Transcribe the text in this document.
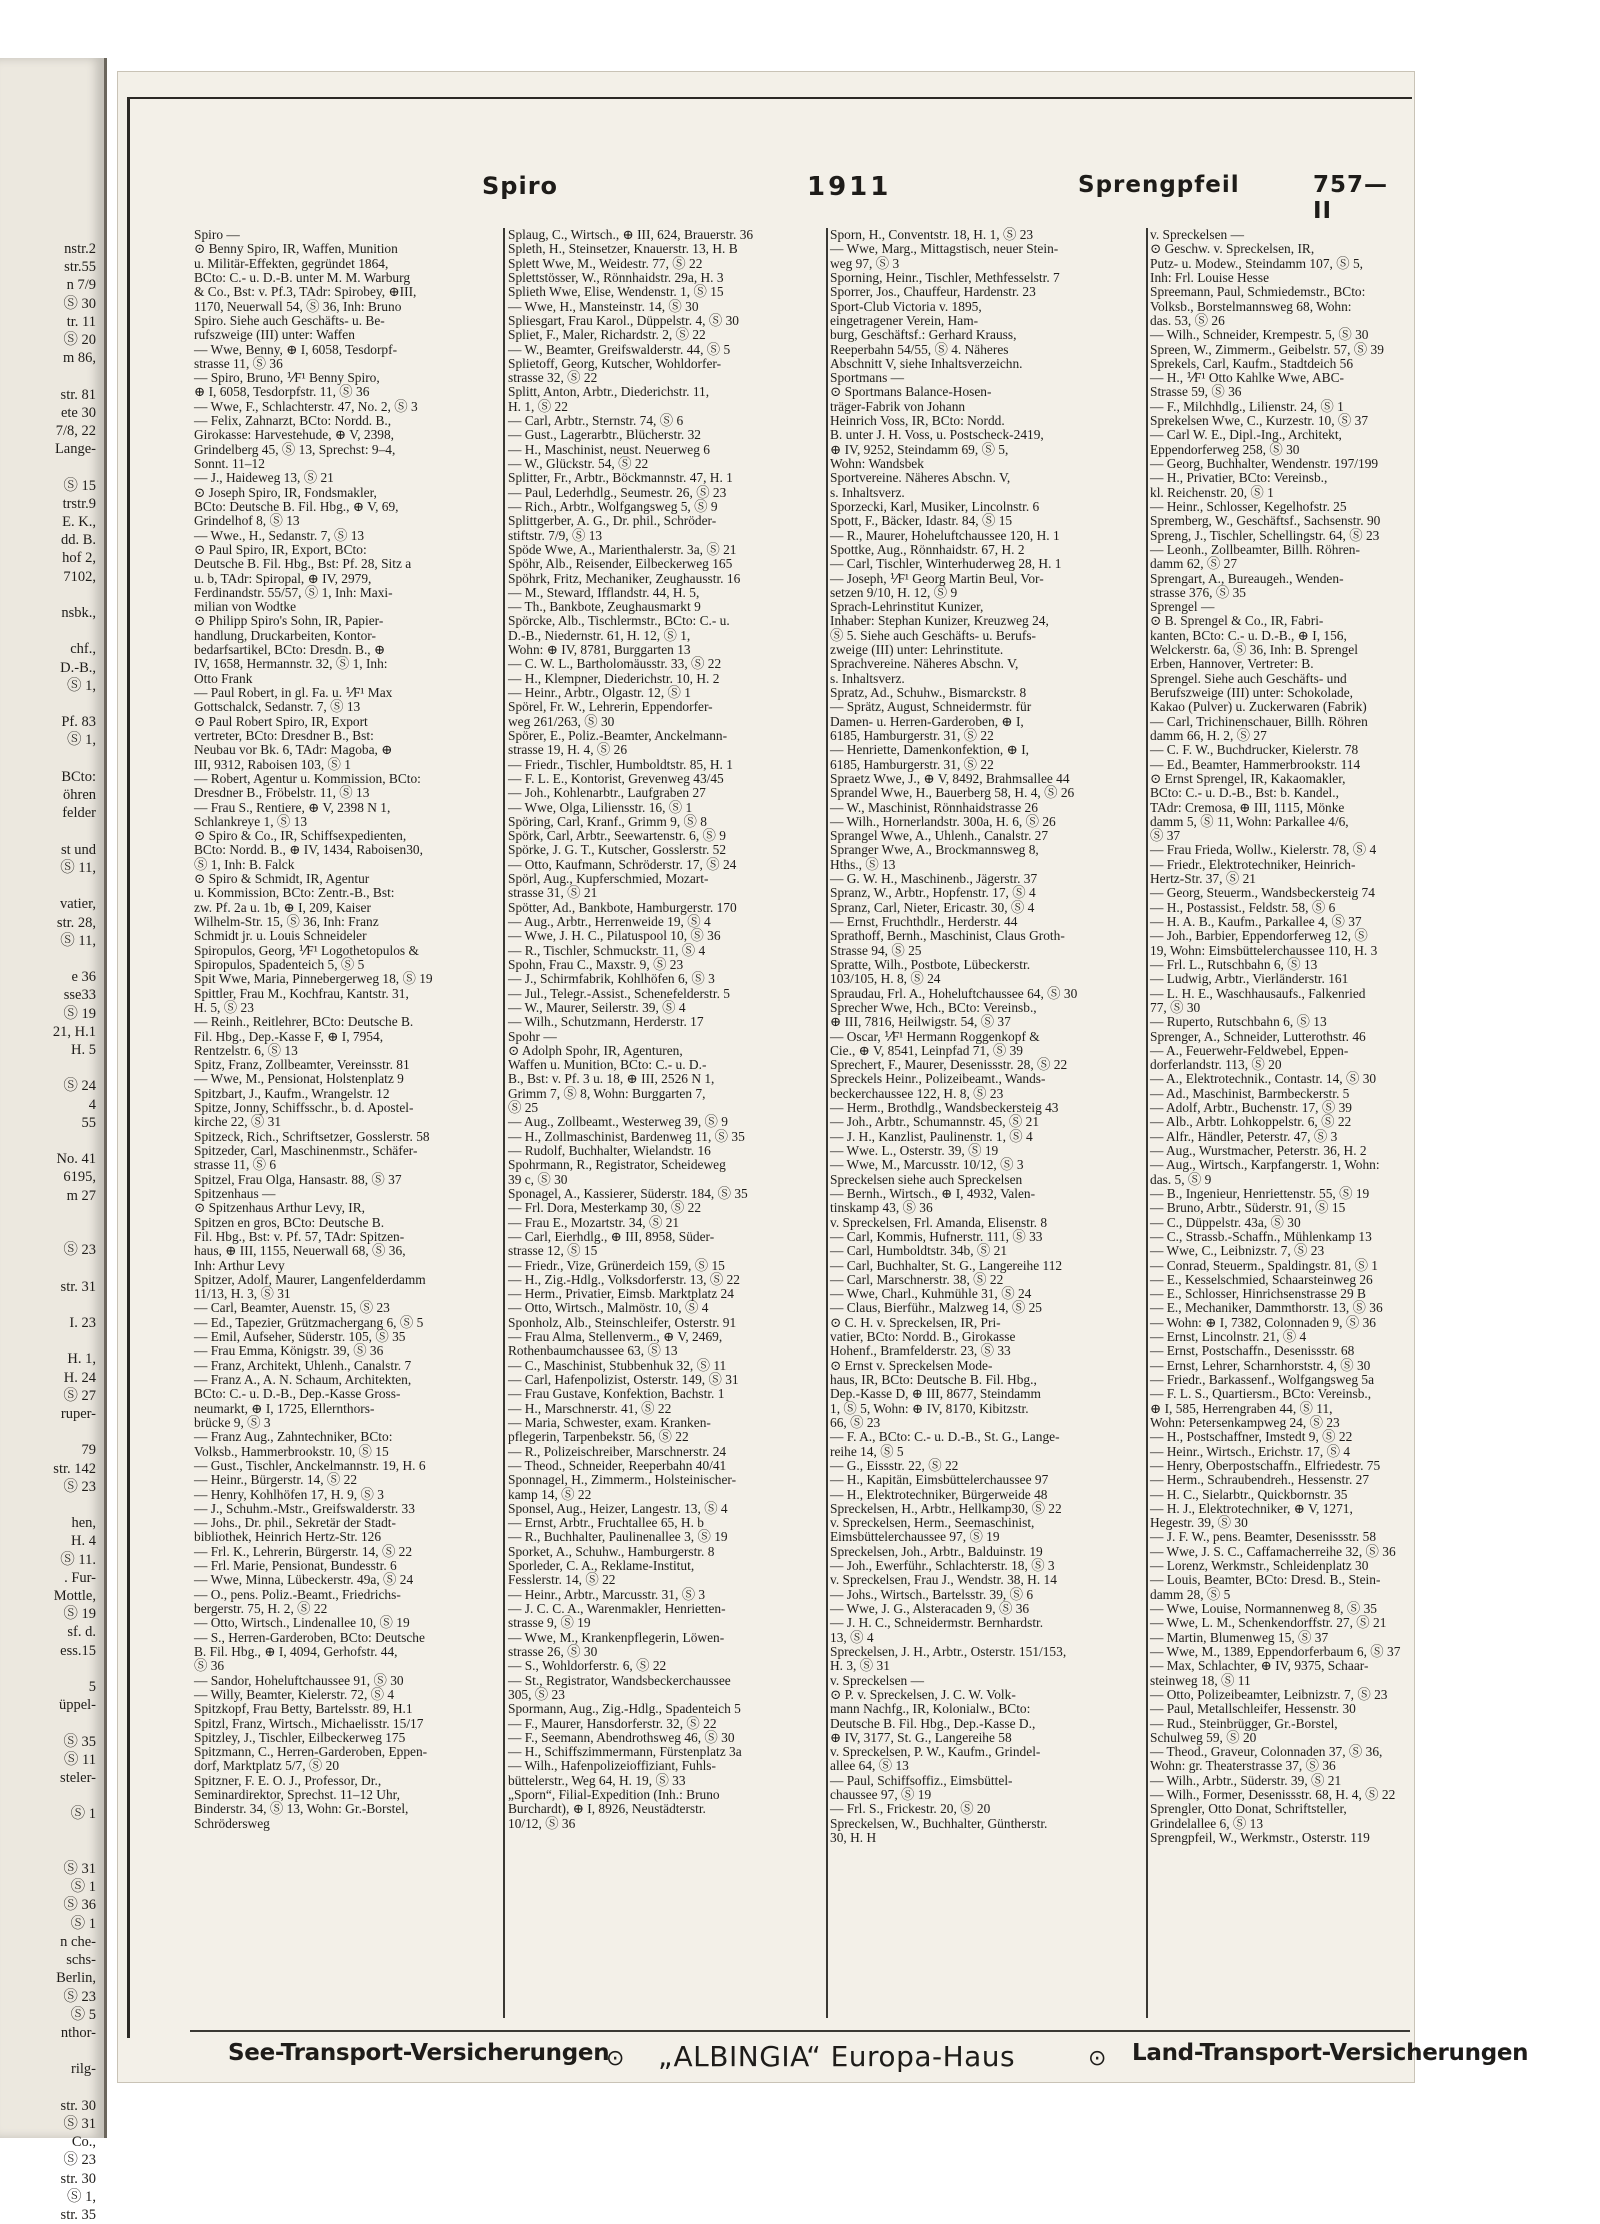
nstr.2
str.55
n 7/9
Ⓢ 30
tr. 11
Ⓢ 20
m 86,

str. 81
ete 30
7/8, 22
Lange-

Ⓢ 15
trstr.9
E. K.,
dd. B.
hof 2,
7102,

nsbk.,

chf.,
D.-B.,
Ⓢ 1,

Pf. 83
Ⓢ 1,

BCto:
öhren
felder

st und
Ⓢ 11,

vatier,
str. 28,
Ⓢ 11,

e 36
sse33
Ⓢ 19
21, H.1
H. 5

Ⓢ 24
4
55

No. 41
6195,
m 27

Ⓢ 23

str. 31

I. 23

H. 1,
H. 24
Ⓢ 27
ruper-

79
str. 142
Ⓢ 23

hen,
H. 4
Ⓢ 11.
. Fur-
Mottle,
Ⓢ 19
sf. d.
ess.15

5
üppel-

Ⓢ 35
Ⓢ 11
steler-

Ⓢ 1

Ⓢ 31
Ⓢ 1
Ⓢ 36
Ⓢ 1
n che-
schs-
Berlin,
Ⓢ 23
Ⓢ 5
nthor-

rilg-

str. 30
Ⓢ 31
Co.,
Ⓢ 23
str. 30
Ⓢ 1,
str. 35
Spiro	1911	Sprengpfeil	757—II
Spiro —
⊙ Benny Spiro, IR, Waffen, Munition
u. Militär-Effekten, gegründet 1864,
BCto: C.- u. D.-B. unter M. M. Warburg
& Co., Bst: v. Pf.3, TAdr: Spirobey, ⊕III,
1170, Neuerwall 54, Ⓢ 36, Inh: Bruno
Spiro. Siehe auch Geschäfts- u. Be-
rufszweige (III) unter: Waffen
— Wwe, Benny, ⊕ I, 6058, Tesdorpf-
strasse 11, Ⓢ 36
— Spiro, Bruno, ⅟F¹ Benny Spiro,
⊕ I, 6058, Tesdorpfstr. 11, Ⓢ 36
— Wwe, F., Schlachterstr. 47, No. 2, Ⓢ 3
— Felix, Zahnarzt, BCto: Nordd. B.,
Girokasse: Harvestehude, ⊕ V, 2398,
Grindelberg 45, Ⓢ 13, Sprechst: 9–4,
Sonnt. 11–12
— J., Haideweg 13, Ⓢ 21
⊙ Joseph Spiro, IR, Fondsmakler,
BCto: Deutsche B. Fil. Hbg., ⊕ V, 69,
Grindelhof 8, Ⓢ 13
— Wwe., H., Sedanstr. 7, Ⓢ 13
⊙ Paul Spiro, IR, Export, BCto:
Deutsche B. Fil. Hbg., Bst: Pf. 28, Sitz a
u. b, TAdr: Spiropal, ⊕ IV, 2979,
Ferdinandstr. 55/57, Ⓢ 1, Inh: Maxi-
milian von Wodtke
⊙ Philipp Spiro's Sohn, IR, Papier-
handlung, Druckarbeiten, Kontor-
bedarfsartikel, BCto: Dresdn. B., ⊕
IV, 1658, Hermannstr. 32, Ⓢ 1, Inh:
Otto Frank
— Paul Robert, in gl. Fa. u. ⅟F¹ Max
Gottschalck, Sedanstr. 7, Ⓢ 13
⊙ Paul Robert Spiro, IR, Export
vertreter, BCto: Dresdner B., Bst:
Neubau vor Bk. 6, TAdr: Magoba, ⊕
III, 9312, Raboisen 103, Ⓢ 1
— Robert, Agentur u. Kommission, BCto:
Dresdner B., Fröbelstr. 11, Ⓢ 13
— Frau S., Rentiere, ⊕ V, 2398 N 1,
Schlankreye 1, Ⓢ 13
⊙ Spiro & Co., IR, Schiffsexpedienten,
BCto: Nordd. B., ⊕ IV, 1434, Raboisen30,
Ⓢ 1, Inh: B. Falck
⊙ Spiro & Schmidt, IR, Agentur
u. Kommission, BCto: Zentr.-B., Bst:
zw. Pf. 2a u. 1b, ⊕ I, 209, Kaiser
Wilhelm-Str. 15, Ⓢ 36, Inh: Franz
Schmidt jr. u. Louis Schneideler
Spiropulos, Georg, ⅟F¹ Logothetopulos &
Spiropulos, Spadenteich 5, Ⓢ 5
Spit Wwe, Maria, Pinnebergerweg 18, Ⓢ 19
Spittler, Frau M., Kochfrau, Kantstr. 31,
H. 5, Ⓢ 23
— Reinh., Reitlehrer, BCto: Deutsche B.
Fil. Hbg., Dep.-Kasse F, ⊕ I, 7954,
Rentzelstr. 6, Ⓢ 13
Spitz, Franz, Zollbeamter, Vereinsstr. 81
— Wwe, M., Pensionat, Holstenplatz 9
Spitzbart, J., Kaufm., Wrangelstr. 12
Spitze, Jonny, Schiffsschr., b. d. Apostel-
kirche 22, Ⓢ 31
Spitzeck, Rich., Schriftsetzer, Gosslerstr. 58
Spitzeder, Carl, Maschinenmstr., Schäfer-
strasse 11, Ⓢ 6
Spitzel, Frau Olga, Hansastr. 88, Ⓢ 37
Spitzenhaus —
⊙ Spitzenhaus Arthur Levy, IR,
Spitzen en gros, BCto: Deutsche B.
Fil. Hbg., Bst: v. Pf. 57, TAdr: Spitzen-
haus, ⊕ III, 1155, Neuerwall 68, Ⓢ 36,
Inh: Arthur Levy
Spitzer, Adolf, Maurer, Langenfelderdamm
11/13, H. 3, Ⓢ 31
— Carl, Beamter, Auenstr. 15, Ⓢ 23
— Ed., Tapezier, Grützmachergang 6, Ⓢ 5
— Emil, Aufseher, Süderstr. 105, Ⓢ 35
— Frau Emma, Königstr. 39, Ⓢ 36
— Franz, Architekt, Uhlenh., Canalstr. 7
— Franz A., A. N. Schaum, Architekten,
BCto: C.- u. D.-B., Dep.-Kasse Gross-
neumarkt, ⊕ I, 1725, Ellernthors-
brücke 9, Ⓢ 3
— Franz Aug., Zahntechniker, BCto:
Volksb., Hammerbrookstr. 10, Ⓢ 15
— Gust., Tischler, Anckelmannstr. 19, H. 6
— Heinr., Bürgerstr. 14, Ⓢ 22
— Henry, Kohlhöfen 17, H. 9, Ⓢ 3
— J., Schuhm.-Mstr., Greifswalderstr. 33
— Johs., Dr. phil., Sekretär der Stadt-
bibliothek, Heinrich Hertz-Str. 126
— Frl. K., Lehrerin, Bürgerstr. 14, Ⓢ 22
— Frl. Marie, Pensionat, Bundesstr. 6
— Wwe, Minna, Lübeckerstr. 49a, Ⓢ 24
— O., pens. Poliz.-Beamt., Friedrichs-
bergerstr. 75, H. 2, Ⓢ 22
— Otto, Wirtsch., Lindenallee 10, Ⓢ 19
— S., Herren-Garderoben, BCto: Deutsche
B. Fil. Hbg., ⊕ I, 4094, Gerhofstr. 44,
Ⓢ 36
— Sandor, Hoheluftchaussee 91, Ⓢ 30
— Willy, Beamter, Kielerstr. 72, Ⓢ 4
Spitzkopf, Frau Betty, Bartelsstr. 89, H.1
Spitzl, Franz, Wirtsch., Michaelisstr. 15/17
Spitzley, J., Tischler, Eilbeckerweg 175
Spitzmann, C., Herren-Garderoben, Eppen-
dorf, Marktplatz 5/7, Ⓢ 20
Spitzner, F. E. O. J., Professor, Dr.,
Seminardirektor, Sprechst. 11–12 Uhr,
Binderstr. 34, Ⓢ 13, Wohn: Gr.-Borstel,
Schrödersweg
Splaug, C., Wirtsch., ⊕ III, 624, Brauerstr. 36
Spleth, H., Steinsetzer, Knauerstr. 13, H. B
Splett Wwe, M., Weidestr. 77, Ⓢ 22
Splettstösser, W., Rönnhaidstr. 29a, H. 3
Splieth Wwe, Elise, Wendenstr. 1, Ⓢ 15
— Wwe, H., Mansteinstr. 14, Ⓢ 30
Spliesgart, Frau Karol., Düppelstr. 4, Ⓢ 30
Spliet, F., Maler, Richardstr. 2, Ⓢ 22
— W., Beamter, Greifswalderstr. 44, Ⓢ 5
Splietoff, Georg, Kutscher, Wohldorfer-
strasse 32, Ⓢ 22
Splitt, Anton, Arbtr., Diederichstr. 11,
H. 1, Ⓢ 22
— Carl, Arbtr., Sternstr. 74, Ⓢ 6
— Gust., Lagerarbtr., Blücherstr. 32
— H., Maschinist, neust. Neuerweg 6
— W., Glückstr. 54, Ⓢ 22
Splitter, Fr., Arbtr., Böckmannstr. 47, H. 1
— Paul, Lederhdlg., Seumestr. 26, Ⓢ 23
— Rich., Arbtr., Wolfgangsweg 5, Ⓢ 9
Splittgerber, A. G., Dr. phil., Schröder-
stiftstr. 7/9, Ⓢ 13
Spöde Wwe, A., Marienthalerstr. 3a, Ⓢ 21
Spöhr, Alb., Reisender, Eilbeckerweg 165
Spöhrk, Fritz, Mechaniker, Zeughausstr. 16
— M., Steward, Ifflandstr. 44, H. 5,
— Th., Bankbote, Zeughausmarkt 9
Spörcke, Alb., Tischlermstr., BCto: C.- u.
D.-B., Niedernstr. 61, H. 12, Ⓢ 1,
Wohn: ⊕ IV, 8781, Burggarten 13
— C. W. L., Bartholomäusstr. 33, Ⓢ 22
— H., Klempner, Diederichstr. 10, H. 2
— Heinr., Arbtr., Olgastr. 12, Ⓢ 1
Spörel, Fr. W., Lehrerin, Eppendorfer-
weg 261/263, Ⓢ 30
Spörer, E., Poliz.-Beamter, Anckelmann-
strasse 19, H. 4, Ⓢ 26
— Friedr., Tischler, Humboldtstr. 85, H. 1
— F. L. E., Kontorist, Grevenweg 43/45
— Joh., Kohlenarbtr., Laufgraben 27
— Wwe, Olga, Liliensstr. 16, Ⓢ 1
Spöring, Carl, Kranf., Grimm 9, Ⓢ 8
Spörk, Carl, Arbtr., Seewartenstr. 6, Ⓢ 9
Spörke, J. G. T., Kutscher, Gosslerstr. 52
— Otto, Kaufmann, Schröderstr. 17, Ⓢ 24
Spörl, Aug., Kupferschmied, Mozart-
strasse 31, Ⓢ 21
Spötter, Ad., Bankbote, Hamburgerstr. 170
— Aug., Arbtr., Herrenweide 19, Ⓢ 4
— Wwe, J. H. C., Pilatuspool 10, Ⓢ 36
— R., Tischler, Schmuckstr. 11, Ⓢ 4
Spohn, Frau C., Maxstr. 9, Ⓢ 23
— J., Schirmfabrik, Kohlhöfen 6, Ⓢ 3
— Jul., Telegr.-Assist., Schenefelderstr. 5
— W., Maurer, Seilerstr. 39, Ⓢ 4
— Wilh., Schutzmann, Herderstr. 17
Spohr —
⊙ Adolph Spohr, IR, Agenturen,
Waffen u. Munition, BCto: C.- u. D.-
B., Bst: v. Pf. 3 u. 18, ⊕ III, 2526 N 1,
Grimm 7, Ⓢ 8, Wohn: Burggarten 7,
Ⓢ 25
— Aug., Zollbeamt., Westerweg 39, Ⓢ 9
— H., Zollmaschinist, Bardenweg 11, Ⓢ 35
— Rudolf, Buchhalter, Wielandstr. 16
Spohrmann, R., Registrator, Scheideweg
39 c, Ⓢ 30
Sponagel, A., Kassierer, Süderstr. 184, Ⓢ 35
— Frl. Dora, Mesterkamp 30, Ⓢ 22
— Frau E., Mozartstr. 34, Ⓢ 21
— Carl, Eierhdlg., ⊕ III, 8958, Süder-
strasse 12, Ⓢ 15
— Friedr., Vize, Grünerdeich 159, Ⓢ 15
— H., Zig.-Hdlg., Volksdorferstr. 13, Ⓢ 22
— Herm., Privatier, Eimsb. Marktplatz 24
— Otto, Wirtsch., Malmöstr. 10, Ⓢ 4
Sponholz, Alb., Steinschleifer, Osterstr. 91
— Frau Alma, Stellenverm., ⊕ V, 2469,
Rothenbaumchaussee 63, Ⓢ 13
— C., Maschinist, Stubbenhuk 32, Ⓢ 11
— Carl, Hafenpolizist, Osterstr. 149, Ⓢ 31
— Frau Gustave, Konfektion, Bachstr. 1
— H., Marschnerstr. 41, Ⓢ 22
— Maria, Schwester, exam. Kranken-
pflegerin, Tarpenbekstr. 56, Ⓢ 22
— R., Polizeischreiber, Marschnerstr. 24
— Theod., Schneider, Reeperbahn 40/41
Sponnagel, H., Zimmerm., Holsteinischer-
kamp 14, Ⓢ 22
Sponsel, Aug., Heizer, Langestr. 13, Ⓢ 4
— Ernst, Arbtr., Fruchtallee 65, H. b
— R., Buchhalter, Paulinenallee 3, Ⓢ 19
Sporket, A., Schuhw., Hamburgerstr. 8
Sporleder, C. A., Reklame-Institut,
Fesslerstr. 14, Ⓢ 22
— Heinr., Arbtr., Marcusstr. 31, Ⓢ 3
— J. C. C. A., Warenmakler, Henrietten-
strasse 9, Ⓢ 19
— Wwe, M., Krankenpflegerin, Löwen-
strasse 26, Ⓢ 30
— S., Wohldorferstr. 6, Ⓢ 22
— St., Registrator, Wandsbeckerchaussee
305, Ⓢ 23
Spormann, Aug., Zig.-Hdlg., Spadenteich 5
— F., Maurer, Hansdorferstr. 32, Ⓢ 22
— F., Seemann, Abendrothsweg 46, Ⓢ 30
— H., Schiffszimmermann, Fürstenplatz 3a
— Wilh., Hafenpolizeioffiziant, Fuhls-
büttelerstr., Weg 64, H. 19, Ⓢ 33
„Sporn“, Filial-Expedition (Inh.: Bruno
Burchardt), ⊕ I, 8926, Neustädterstr.
10/12, Ⓢ 36
Sporn, H., Conventstr. 18, H. 1, Ⓢ 23
— Wwe, Marg., Mittagstisch, neuer Stein-
weg 97, Ⓢ 3
Sporning, Heinr., Tischler, Methfesselstr. 7
Sporrer, Jos., Chauffeur, Hardenstr. 23
Sport-Club Victoria v. 1895,
eingetragener Verein, Ham-
burg, Geschäftsf.: Gerhard Krauss,
Reeperbahn 54/55, Ⓢ 4. Näheres
Abschnitt V, siehe Inhaltsverzeichn.
Sportmans —
⊙ Sportmans Balance-Hosen-
träger-Fabrik von Johann
Heinrich Voss, IR, BCto: Nordd.
B. unter J. H. Voss, u. Postscheck-2419,
⊕ IV, 9252, Steindamm 69, Ⓢ 5,
Wohn: Wandsbek
Sportvereine. Näheres Abschn. V,
s. Inhaltsverz.
Sporzecki, Karl, Musiker, Lincolnstr. 6
Spott, F., Bäcker, Idastr. 84, Ⓢ 15
— R., Maurer, Hoheluftchaussee 120, H. 1
Spottke, Aug., Rönnhaidstr. 67, H. 2
— Carl, Tischler, Winterhuderweg 28, H. 1
— Joseph, ⅟F¹ Georg Martin Beul, Vor-
setzen 9/10, H. 12, Ⓢ 9
Sprach-Lehrinstitut Kunizer,
Inhaber: Stephan Kunizer, Kreuzweg 24,
Ⓢ 5. Siehe auch Geschäfts- u. Berufs-
zweige (III) unter: Lehrinstitute.
Sprachvereine. Näheres Abschn. V,
s. Inhaltsverz.
Spratz, Ad., Schuhw., Bismarckstr. 8
— Sprätz, August, Schneidermstr. für
Damen- u. Herren-Garderoben, ⊕ I,
6185, Hamburgerstr. 31, Ⓢ 22
— Henriette, Damenkonfektion, ⊕ I,
6185, Hamburgerstr. 31, Ⓢ 22
Spraetz Wwe, J., ⊕ V, 8492, Brahmsallee 44
Sprandel Wwe, H., Bauerberg 58, H. 4, Ⓢ 26
— W., Maschinist, Rönnhaidstrasse 26
— Wilh., Hornerlandstr. 300a, H. 6, Ⓢ 26
Sprangel Wwe, A., Uhlenh., Canalstr. 27
Spranger Wwe, A., Brockmannsweg 8,
Hths., Ⓢ 13
— G. W. H., Maschinenb., Jägerstr. 37
Spranz, W., Arbtr., Hopfenstr. 17, Ⓢ 4
Spranz, Carl, Nieter, Ericastr. 30, Ⓢ 4
— Ernst, Fruchthdlr., Herderstr. 44
Sprathoff, Bernh., Maschinist, Claus Groth-
Strasse 94, Ⓢ 25
Spratte, Wilh., Postbote, Lübeckerstr.
103/105, H. 8, Ⓢ 24
Spraudau, Frl. A., Hoheluftchaussee 64, Ⓢ 30
Sprecher Wwe, Hch., BCto: Vereinsb.,
⊕ III, 7816, Heilwigstr. 54, Ⓢ 37
— Oscar, ⅟F¹ Hermann Roggenkopf &
Cie., ⊕ V, 8541, Leinpfad 71, Ⓢ 39
Sprechert, F., Maurer, Desenissstr. 28, Ⓢ 22
Spreckels Heinr., Polizeibeamt., Wands-
beckerchaussee 122, H. 8, Ⓢ 23
— Herm., Brothdlg., Wandsbeckersteig 43
— Joh., Arbtr., Schumannstr. 45, Ⓢ 21
— J. H., Kanzlist, Paulinenstr. 1, Ⓢ 4
— Wwe. L., Osterstr. 39, Ⓢ 19
— Wwe, M., Marcusstr. 10/12, Ⓢ 3
Spreckelsen siehe auch Spreckelsen
— Bernh., Wirtsch., ⊕ I, 4932, Valen-
tinskamp 43, Ⓢ 36
v. Spreckelsen, Frl. Amanda, Elisenstr. 8
— Carl, Kommis, Hufnerstr. 111, Ⓢ 33
— Carl, Humboldtstr. 34b, Ⓢ 21
— Carl, Buchhalter, St. G., Langereihe 112
— Carl, Marschnerstr. 38, Ⓢ 22
— Wwe, Charl., Kuhmühle 31, Ⓢ 24
— Claus, Bierführ., Malzweg 14, Ⓢ 25
⊙ C. H. v. Spreckelsen, IR, Pri-
vatier, BCto: Nordd. B., Girokasse
Hohenf., Bramfelderstr. 23, Ⓢ 33
⊙ Ernst v. Spreckelsen Mode-
haus, IR, BCto: Deutsche B. Fil. Hbg.,
Dep.-Kasse D, ⊕ III, 8677, Steindamm
1, Ⓢ 5, Wohn: ⊕ IV, 8170, Kibitzstr.
66, Ⓢ 23
— F. A., BCto: C.- u. D.-B., St. G., Lange-
reihe 14, Ⓢ 5
— G., Eissstr. 22, Ⓢ 22
— H., Kapitän, Eimsbüttelerchaussee 97
— H., Elektrotechniker, Bürgerweide 48
Spreckelsen, H., Arbtr., Hellkamp30, Ⓢ 22
v. Spreckelsen, Herm., Seemaschinist,
Eimsbüttelerchaussee 97, Ⓢ 19
Spreckelsen, Joh., Arbtr., Balduinstr. 19
— Joh., Ewerführ., Schlachterstr. 18, Ⓢ 3
v. Spreckelsen, Frau J., Wendstr. 38, H. 14
— Johs., Wirtsch., Bartelsstr. 39, Ⓢ 6
— Wwe, J. G., Alsteracaden 9, Ⓢ 36
— J. H. C., Schneidermstr. Bernhardstr.
13, Ⓢ 4
Spreckelsen, J. H., Arbtr., Osterstr. 151/153,
H. 3, Ⓢ 31
v. Spreckelsen —
⊙ P. v. Spreckelsen, J. C. W. Volk-
mann Nachfg., IR, Kolonialw., BCto:
Deutsche B. Fil. Hbg., Dep.-Kasse D.,
⊕ IV, 3177, St. G., Langereihe 58
v. Spreckelsen, P. W., Kaufm., Grindel-
allee 64, Ⓢ 13
— Paul, Schiffsoffiz., Eimsbüttel-
chaussee 97, Ⓢ 19
— Frl. S., Frickestr. 20, Ⓢ 20
Spreckelsen, W., Buchhalter, Güntherstr.
30, H. H
v. Spreckelsen —
⊙ Geschw. v. Spreckelsen, IR,
Putz- u. Modew., Steindamm 107, Ⓢ 5,
Inh: Frl. Louise Hesse
Spreemann, Paul, Schmiedemstr., BCto:
Volksb., Borstelmannsweg 68, Wohn:
das. 53, Ⓢ 26
— Wilh., Schneider, Krempestr. 5, Ⓢ 30
Spreen, W., Zimmerm., Geibelstr. 57, Ⓢ 39
Sprekels, Carl, Kaufm., Stadtdeich 56
— H., ⅟F¹ Otto Kahlke Wwe, ABC-
Strasse 59, Ⓢ 36
— F., Milchhdlg., Lilienstr. 24, Ⓢ 1
Sprekelsen Wwe, C., Kurzestr. 10, Ⓢ 37
— Carl W. E., Dipl.-Ing., Architekt,
Eppendorferweg 258, Ⓢ 30
— Georg, Buchhalter, Wendenstr. 197/199
— H., Privatier, BCto: Vereinsb.,
kl. Reichenstr. 20, Ⓢ 1
— Heinr., Schlosser, Kegelhofstr. 25
Spremberg, W., Geschäftsf., Sachsenstr. 90
Spreng, J., Tischler, Schellingstr. 64, Ⓢ 23
— Leonh., Zollbeamter, Billh. Röhren-
damm 62, Ⓢ 27
Sprengart, A., Bureaugeh., Wenden-
strasse 376, Ⓢ 35
Sprengel —
⊙ B. Sprengel & Co., IR, Fabri-
kanten, BCto: C.- u. D.-B., ⊕ I, 156,
Welckerstr. 6a, Ⓢ 36, Inh: B. Sprengel
Erben, Hannover, Vertreter: B.
Sprengel. Siehe auch Geschäfts- und
Berufszweige (III) unter: Schokolade,
Kakao (Pulver) u. Zuckerwaren (Fabrik)
— Carl, Trichinenschauer, Billh. Röhren
damm 66, H. 2, Ⓢ 27
— C. F. W., Buchdrucker, Kielerstr. 78
— Ed., Beamter, Hammerbrookstr. 114
⊙ Ernst Sprengel, IR, Kakaomakler,
BCto: C.- u. D.-B., Bst: b. Kandel.,
TAdr: Cremosa, ⊕ III, 1115, Mönke
damm 5, Ⓢ 11, Wohn: Parkallee 4/6,
Ⓢ 37
— Frau Frieda, Wollw., Kielerstr. 78, Ⓢ 4
— Friedr., Elektrotechniker, Heinrich-
Hertz-Str. 37, Ⓢ 21
— Georg, Steuerm., Wandsbeckersteig 74
— H., Postassist., Feldstr. 58, Ⓢ 6
— H. A. B., Kaufm., Parkallee 4, Ⓢ 37
— Joh., Barbier, Eppendorferweg 12, Ⓢ
19, Wohn: Eimsbüttelerchaussee 110, H. 3
— Frl. L., Rutschbahn 6, Ⓢ 13
— Ludwig, Arbtr., Vierländerstr. 161
— L. H. E., Waschhausaufs., Falkenried
77, Ⓢ 30
— Ruperto, Rutschbahn 6, Ⓢ 13
Sprenger, A., Schneider, Lutterothstr. 46
— A., Feuerwehr-Feldwebel, Eppen-
dorferlandstr. 113, Ⓢ 20
— A., Elektrotechnik., Contastr. 14, Ⓢ 30
— Ad., Maschinist, Barmbeckerstr. 5
— Adolf, Arbtr., Buchenstr. 17, Ⓢ 39
— Alb., Arbtr. Lohkoppelstr. 6, Ⓢ 22
— Alfr., Händler, Peterstr. 47, Ⓢ 3
— Aug., Wurstmacher, Peterstr. 36, H. 2
— Aug., Wirtsch., Karpfangerstr. 1, Wohn:
das. 5, Ⓢ 9
— B., Ingenieur, Henriettenstr. 55, Ⓢ 19
— Bruno, Arbtr., Süderstr. 91, Ⓢ 15
— C., Düppelstr. 43a, Ⓢ 30
— C., Strassb.-Schaffn., Mühlenkamp 13
— Wwe, C., Leibnizstr. 7, Ⓢ 23
— Conrad, Steuerm., Spaldingstr. 81, Ⓢ 1
— E., Kesselschmied, Schaarsteinweg 26
— E., Schlosser, Hinrichsenstrasse 29 B
— E., Mechaniker, Dammthorstr. 13, Ⓢ 36
— Wohn: ⊕ I, 7382, Colonnaden 9, Ⓢ 36
— Ernst, Lincolnstr. 21, Ⓢ 4
— Ernst, Postschaffn., Desenissstr. 68
— Ernst, Lehrer, Scharnhorststr. 4, Ⓢ 30
— Friedr., Barkassenf., Wolfgangsweg 5a
— F. L. S., Quartiersm., BCto: Vereinsb.,
⊕ I, 585, Herrengraben 44, Ⓢ 11,
Wohn: Petersenkampweg 24, Ⓢ 23
— H., Postschaffner, Imstedt 9, Ⓢ 22
— Heinr., Wirtsch., Erichstr. 17, Ⓢ 4
— Henry, Oberpostschaffn., Elfriedestr. 75
— Herm., Schraubendreh., Hessenstr. 27
— H. C., Sielarbtr., Quickbornstr. 35
— H. J., Elektrotechniker, ⊕ V, 1271,
Hegestr. 39, Ⓢ 30
— J. F. W., pens. Beamter, Desenissstr. 58
— Wwe, J. S. C., Caffamacherreihe 32, Ⓢ 36
— Lorenz, Werkmstr., Schleidenplatz 30
— Louis, Beamter, BCto: Dresd. B., Stein-
damm 28, Ⓢ 5
— Wwe, Louise, Normannenweg 8, Ⓢ 35
— Wwe, L. M., Schenkendorffstr. 27, Ⓢ 21
— Martin, Blumenweg 15, Ⓢ 37
— Wwe, M., 1389, Eppendorferbaum 6, Ⓢ 37
— Max, Schlachter, ⊕ IV, 9375, Schaar-
steinweg 18, Ⓢ 11
— Otto, Polizeibeamter, Leibnizstr. 7, Ⓢ 23
— Paul, Metallschleifer, Hessenstr. 30
— Rud., Steinbrügger, Gr.-Borstel,
Schulweg 59, Ⓢ 20
— Theod., Graveur, Colonnaden 37, Ⓢ 36,
Wohn: gr. Theaterstrasse 37, Ⓢ 36
— Wilh., Arbtr., Süderstr. 39, Ⓢ 21
— Wilh., Former, Desenissstr. 68, H. 4, Ⓢ 22
Sprengler, Otto Donat, Schriftsteller,
Grindelallee 6, Ⓢ 13
Sprengpfeil, W., Werkmstr., Osterstr. 119
See-Transport-Versicherungen
⊙ „ALBINGIA“ Europa-Haus	⊙ Land-Transport-Versicherungen
